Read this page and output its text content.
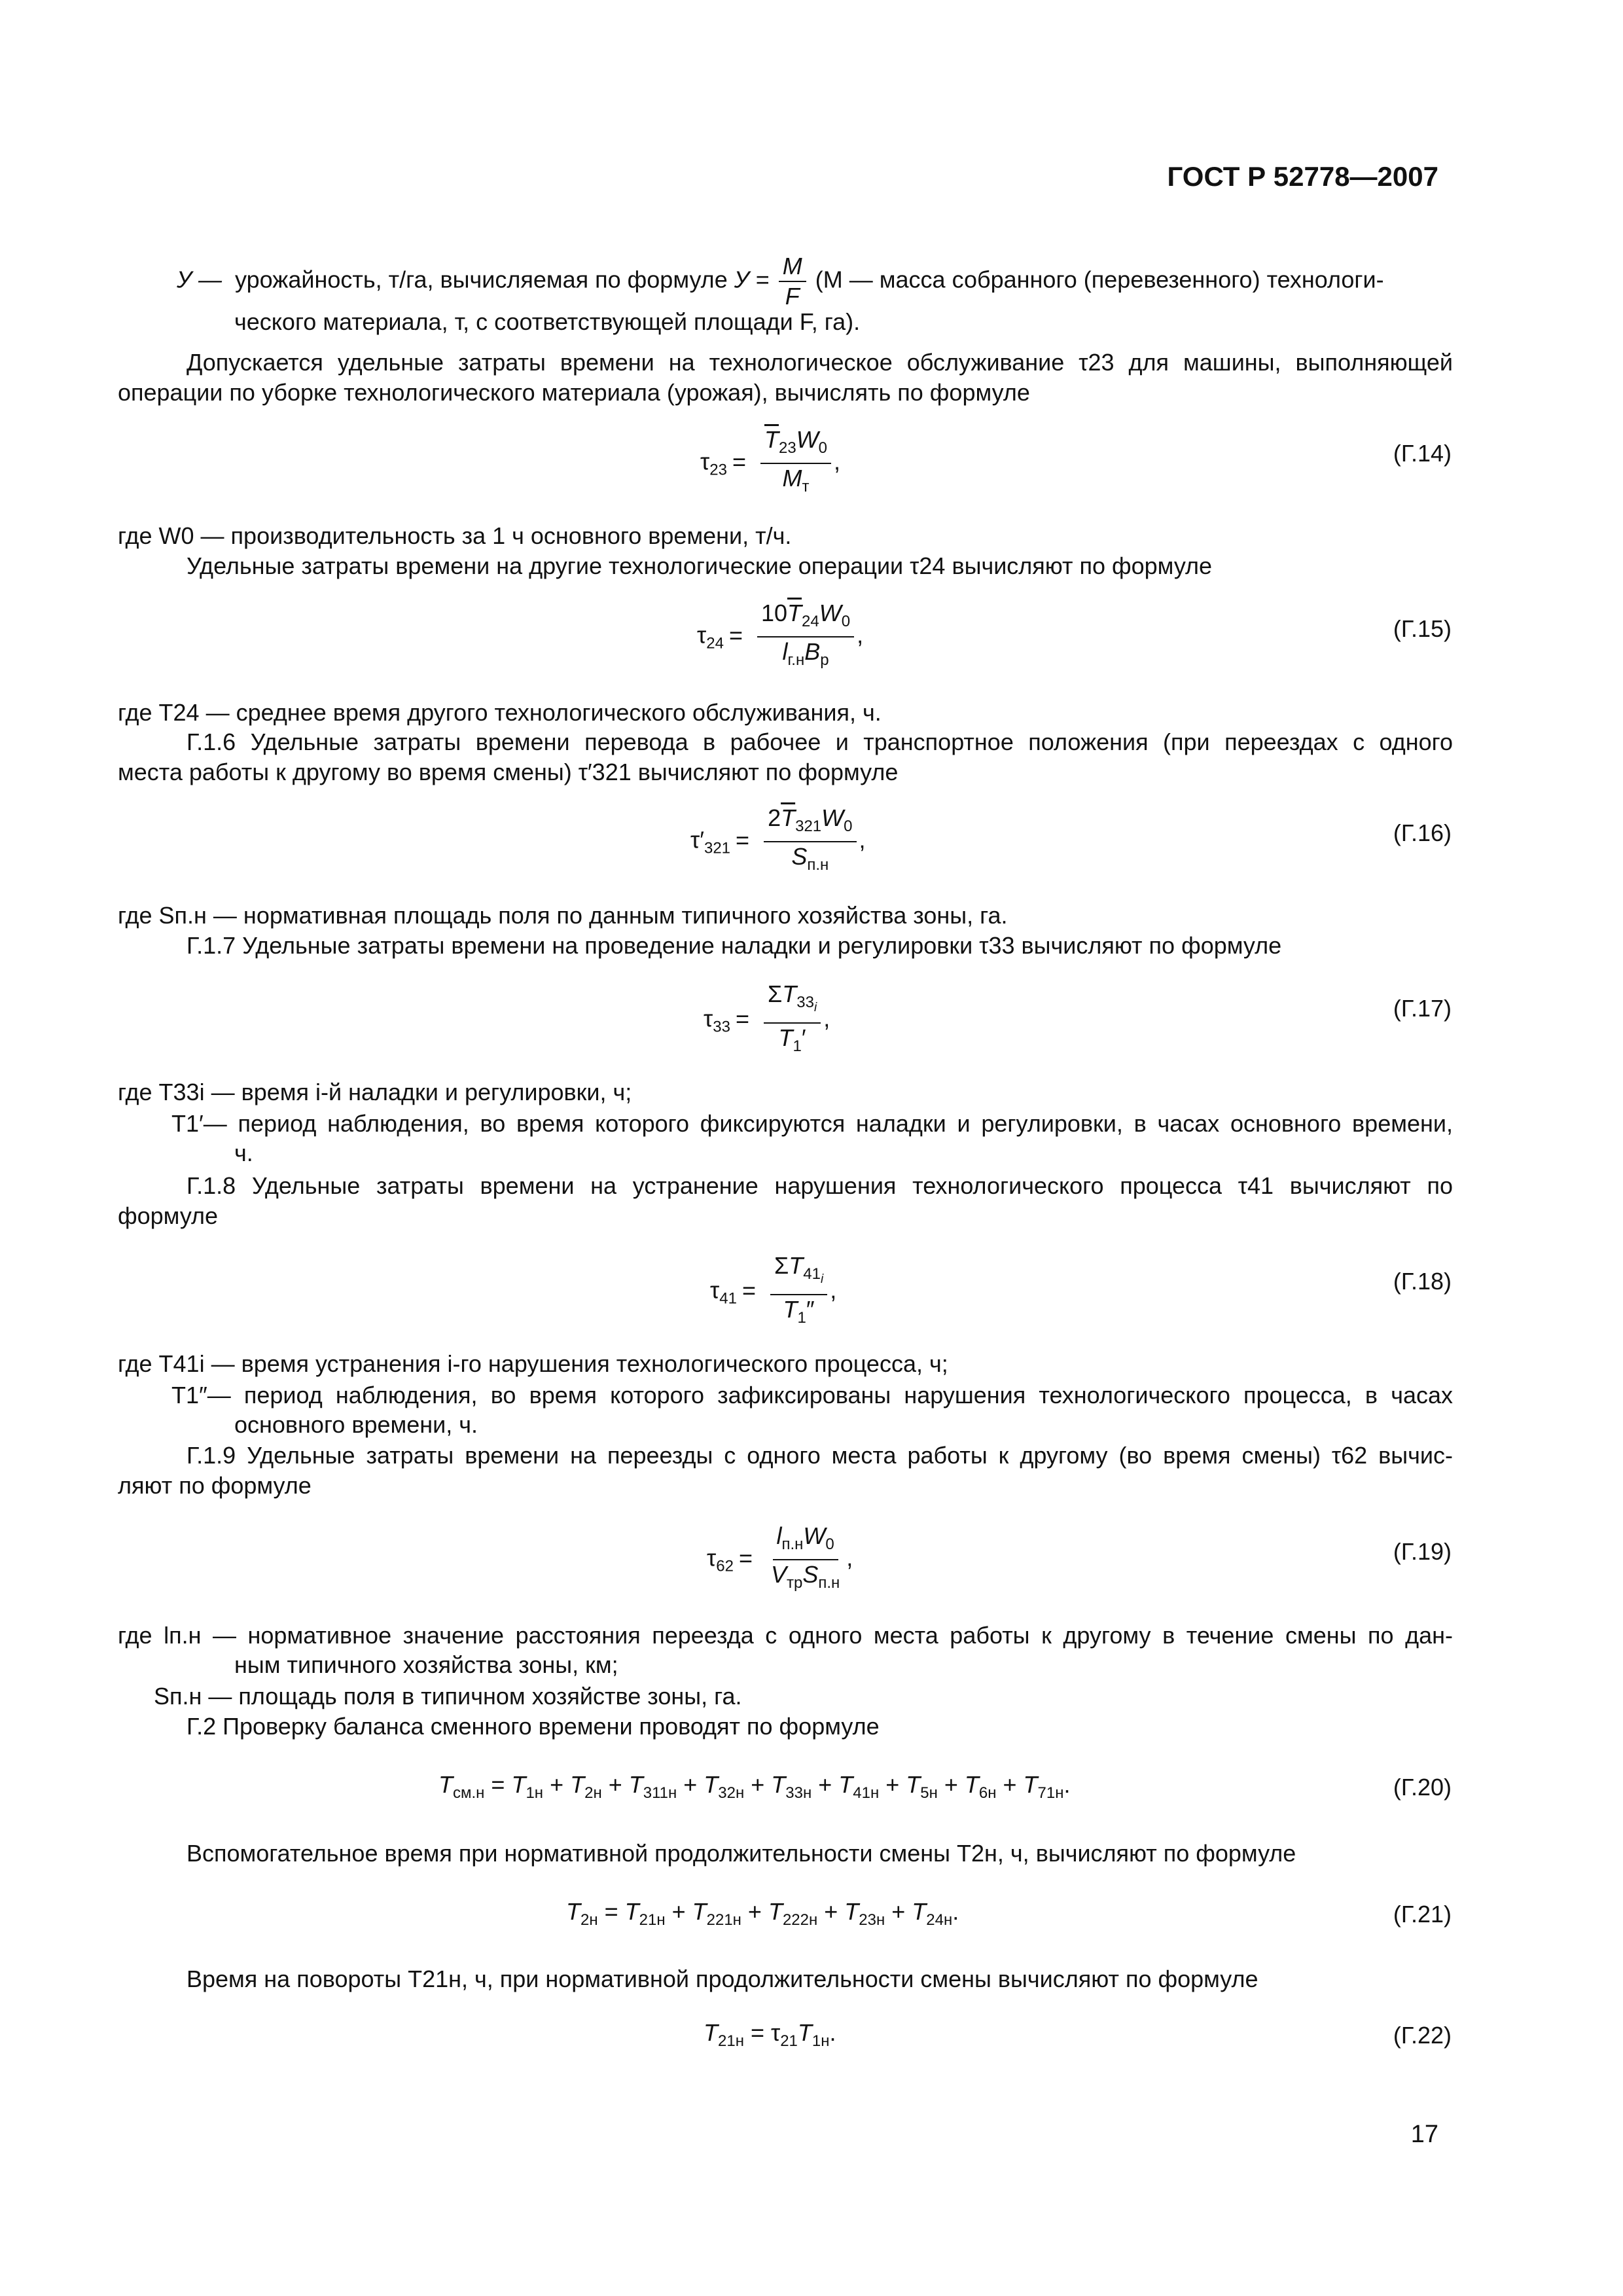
ГОСТ Р 52778—2007
У — урожайность, т/га, вычисляемая по формуле $У = \frac{M}{F} (М$ — масса собранного (перевезенного) технологи-
ческого материала, т, с соответствующей площади F, га).
Допускается удельные затраты времени на технологическое обслуживание τ23 для машины, выполняющей
операции по уборке технологического материала (урожая), вычислять по формуле
$\tau_{23} = \frac{\overline{T}_{23}W_0}{M_т}$ ,	(Г.14)
где W0 — производительность за 1 ч основного времени, т/ч.
Удельные затраты времени на другие технологические операции τ24 вычисляют по формуле
$\tau_{24} = \frac{10\overline{T}_{24}W_0}{l_{г.н}B_р}$ ,	(Г.15)
где T24 — среднее время другого технологического обслуживания, ч.
Г.1.6 Удельные затраты времени перевода в рабочее и транспортное положения (при переездах с одного
места работы к другому во время смены) τ′321 вычисляют по формуле
$\tau'_{321} = \frac{2\overline{T}_{321}W_0}{S_{п.н}}$ ,	(Г.16)
где Sп.н — нормативная площадь поля по данным типичного хозяйства зоны, га.
Г.1.7 Удельные затраты времени на проведение наладки и регулировки τ33 вычисляют по формуле
$\tau_{33} = \frac{\Sigma T_{33_i}}{T_1'}$ ,	(Г.17)
где T33i — время i-й наладки и регулировки, ч;
T1′— период наблюдения, во время которого фиксируются наладки и регулировки, в часах основного времени,
ч.
Г.1.8 Удельные затраты времени на устранение нарушения технологического процесса τ41 вычисляют по
формуле
$\tau_{41} = \frac{\Sigma T_{41_i}}{T_1''}$ ,	(Г.18)
где T41i — время устранения i-го нарушения технологического процесса, ч;
T1″— период наблюдения, во время которого зафиксированы нарушения технологического процесса, в часах
основного времени, ч.
Г.1.9 Удельные затраты времени на переезды с одного места работы к другому (во время смены) τ62 вычис-
ляют по формуле
$\tau_{62} = \frac{l_{п.н}W_0}{V_{тр}S_{п.н}}$ ,	(Г.19)
где lп.н — нормативное значение расстояния переезда с одного места работы к другому в течение смены по дан-
ным типичного хозяйства зоны, км;
Sп.н — площадь поля в типичном хозяйстве зоны, га.
Г.2 Проверку баланса сменного времени проводят по формуле
$T_{см.н} = T_{1н} + T_{2н} + T_{311н} + T_{32н} + T_{33н} + T_{41н} + T_{5н} + T_{6н} + T_{71н}$.	(Г.20)
Вспомогательное время при нормативной продолжительности смены T2н, ч, вычисляют по формуле
$T_{2н} = T_{21н} + T_{221н} + T_{222н} + T_{23н} + T_{24н}$.	(Г.21)
Время на повороты T21н, ч, при нормативной продолжительности смены вычисляют по формуле
$T_{21н} = \tau_{21}T_{1н}$.	(Г.22)
17
